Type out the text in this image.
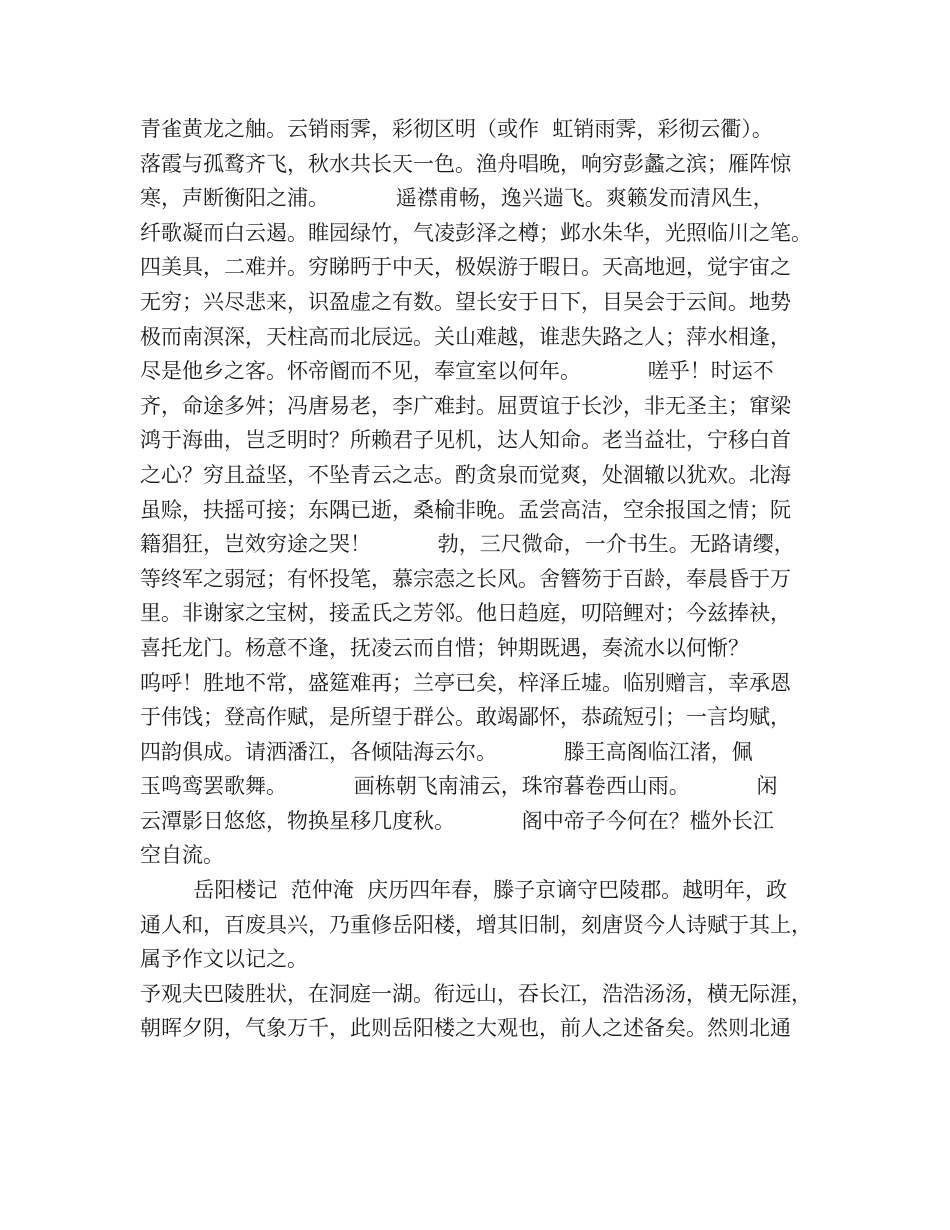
青雀黄龙之舳。云销雨霁，彩彻区明（或作  虹销雨霁，彩彻云衢）。
落霞与孤鹜齐飞，秋水共长天一色。渔舟唱晚，响穷彭蠡之滨；雁阵惊
寒，声断衡阳之浦。          遥襟甫畅，逸兴遄飞。爽籁发而清风生，
纤歌凝而白云遏。睢园绿竹，气凌彭泽之樽；邺水朱华，光照临川之笔。
四美具，二难并。穷睇眄于中天，极娱游于暇日。天高地迥，觉宇宙之
无穷；兴尽悲来，识盈虚之有数。望长安于日下，目吴会于云间。地势
极而南溟深，天柱高而北辰远。关山难越，谁悲失路之人；萍水相逢，
尽是他乡之客。怀帝阍而不见，奉宣室以何年。          嗟乎！时运不
齐，命途多舛；冯唐易老，李广难封。屈贾谊于长沙，非无圣主；窜梁
鸿于海曲，岂乏明时？所赖君子见机，达人知命。老当益壮，宁移白首
之心？穷且益坚，不坠青云之志。酌贪泉而觉爽，处涸辙以犹欢。北海
虽赊，扶摇可接；东隅已逝，桑榆非晚。孟尝高洁，空余报国之情；阮
籍猖狂，岂效穷途之哭！          勃，三尺微命，一介书生。无路请缨，
等终军之弱冠；有怀投笔，慕宗悫之长风。舍簪笏于百龄，奉晨昏于万
里。非谢家之宝树，接孟氏之芳邻。他日趋庭，叨陪鲤对；今兹捧袂，
喜托龙门。杨意不逢，抚凌云而自惜；钟期既遇，奏流水以何惭？
呜呼！胜地不常，盛筵难再；兰亭已矣，梓泽丘墟。临别赠言，幸承恩
于伟饯；登高作赋，是所望于群公。敢竭鄙怀，恭疏短引；一言均赋，
四韵俱成。请洒潘江，各倾陆海云尔。          滕王高阁临江渚，佩
玉鸣鸾罢歌舞。          画栋朝飞南浦云，珠帘暮卷西山雨。          闲
云潭影日悠悠，物换星移几度秋。          阁中帝子今何在？槛外长江
空自流。
岳阳楼记  范仲淹  庆历四年春，滕子京谪守巴陵郡。越明年，政
通人和，百废具兴，乃重修岳阳楼，增其旧制，刻唐贤今人诗赋于其上，
属予作文以记之。
予观夫巴陵胜状，在洞庭一湖。衔远山，吞长江，浩浩汤汤，横无际涯，
朝晖夕阴，气象万千，此则岳阳楼之大观也，前人之述备矣。然则北通
